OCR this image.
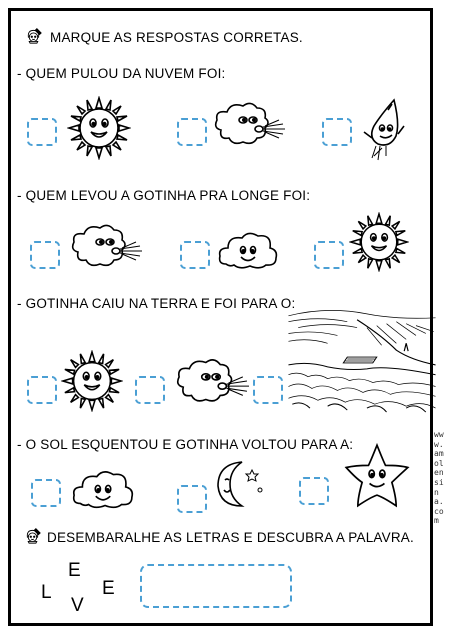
MARQUE AS RESPOSTAS CORRETAS.
- QUEM PULOU DA NUVEM FOI:
- QUEM LEVOU A GOTINHA PRA LONGE FOI:
- GOTINHA CAIU NA TERRA E FOI PARA O:
- O SOL ESQUENTOU E GOTINHA VOLTOU PARA A:
DESEMBARALHE AS LETRAS E DESCUBRA A PALAVRA.
L
E
V
E
www.amolensina.com
